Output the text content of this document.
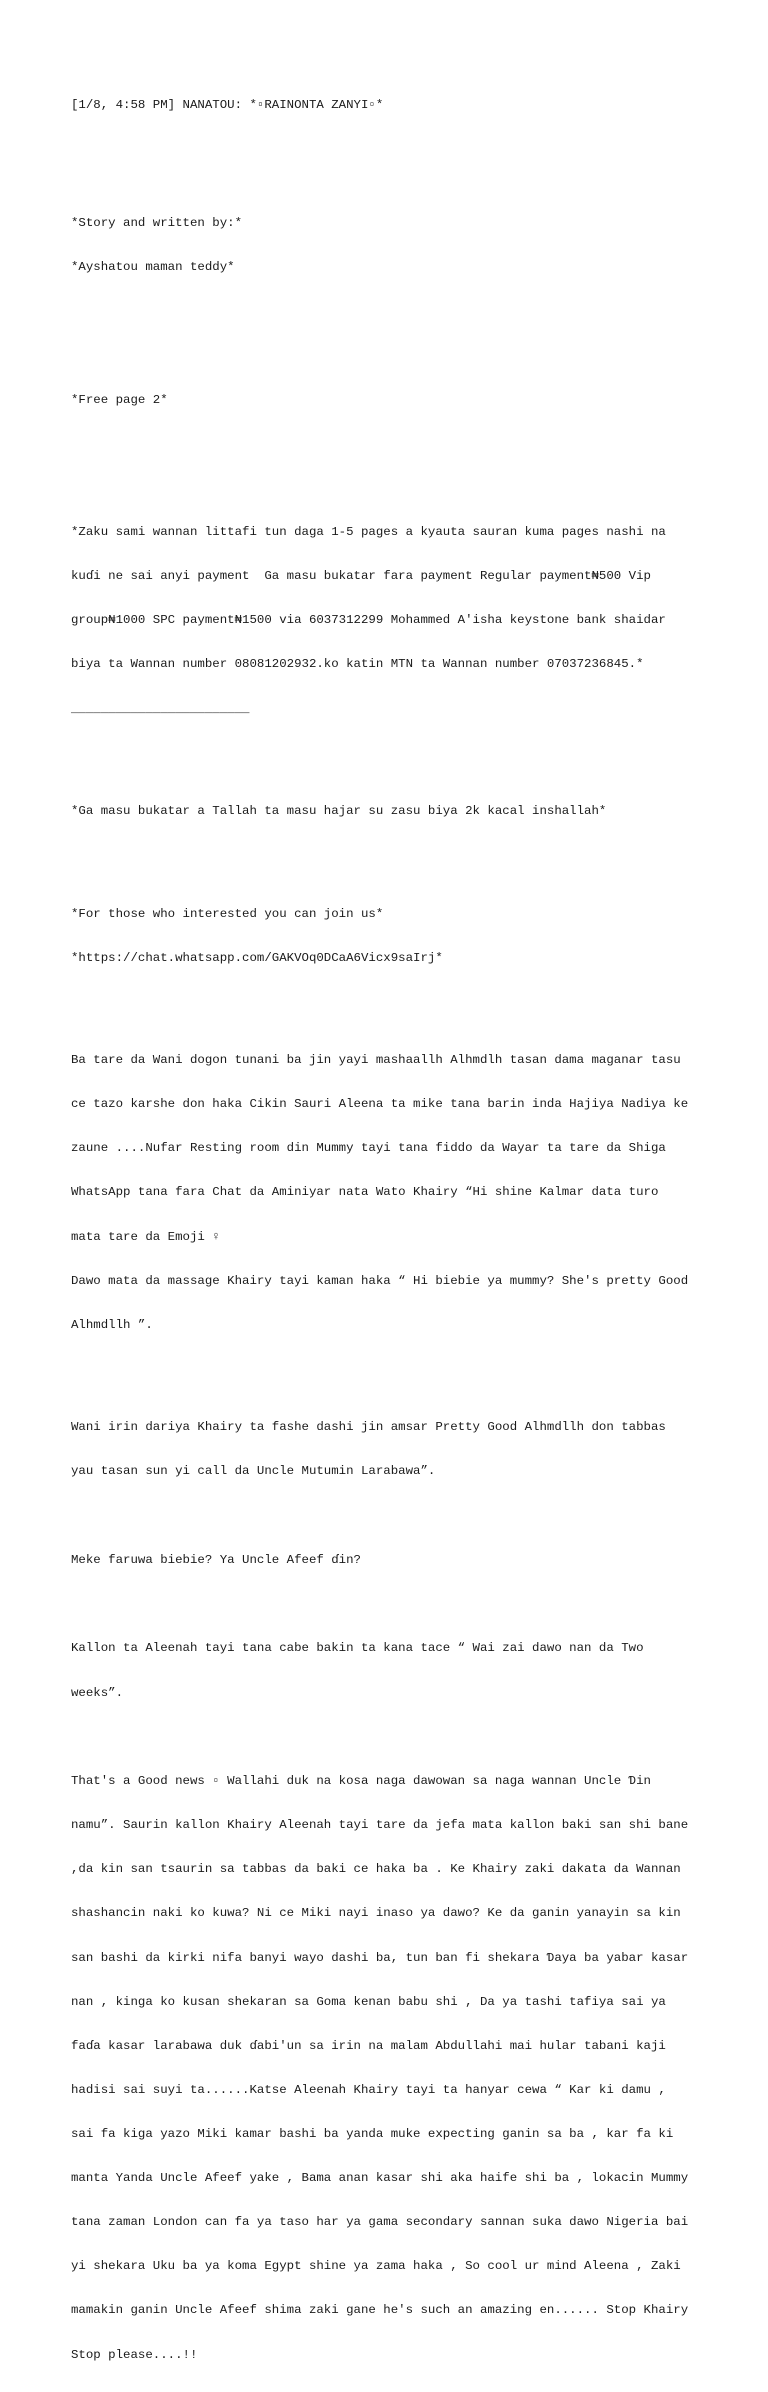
[1/8, 4:58 PM] NANATOU: *▫RAINONTA ZANYI▫*

*Story and written by:*

*Ayshatou maman teddy*

*Free page 2*

*Zaku sami wannan littafi tun daga 1-5 pages a kyauta sauran kuma pages nashi na

kuɗi ne sai anyi payment  Ga masu bukatar fara payment Regular payment₦500 Vip

group₦1000 SPC payment₦1500 via 6037312299 Mohammed A'isha keystone bank shaidar

biya ta Wannan number 08081202932.ko katin MTN ta Wannan number 07037236845.*

________________________

*Ga masu bukatar a Tallah ta masu hajar su zasu biya 2k kacal inshallah*

*For those who interested you can join us*

*https://chat.whatsapp.com/GAKVOq0DCaA6Vicx9saIrj*

Ba tare da Wani dogon tunani ba jin yayi mashaallh Alhmdlh tasan dama maganar tasu

ce tazo karshe don haka Cikin Sauri Aleena ta mike tana barin inda Hajiya Nadiya ke

zaune ....Nufar Resting room din Mummy tayi tana fiddo da Wayar ta tare da Shiga

WhatsApp tana fara Chat da Aminiyar nata Wato Khairy “Hi shine Kalmar data turo

mata tare da Emoji ♀

Dawo mata da massage Khairy tayi kaman haka “ Hi biebie ya mummy? She's pretty Good

Alhmdllh ”.

Wani irin dariya Khairy ta fashe dashi jin amsar Pretty Good Alhmdllh don tabbas

yau tasan sun yi call da Uncle Mutumin Larabawa”.

Meke faruwa biebie? Ya Uncle Afeef ɗin?

Kallon ta Aleenah tayi tana cabe bakin ta kana tace “ Wai zai dawo nan da Two

weeks”.

That's a Good news ▫ Wallahi duk na kosa naga dawowan sa naga wannan Uncle Ɗin

namu”. Saurin kallon Khairy Aleenah tayi tare da jefa mata kallon baki san shi bane

,da kin san tsaurin sa tabbas da baki ce haka ba . Ke Khairy zaki dakata da Wannan

shashancin naki ko kuwa? Ni ce Miki nayi inaso ya dawo? Ke da ganin yanayin sa kin

san bashi da kirki nifa banyi wayo dashi ba, tun ban fi shekara Ɗaya ba yabar kasar

nan , kinga ko kusan shekaran sa Goma kenan babu shi , Da ya tashi tafiya sai ya

faɗa kasar larabawa duk ɗabi'un sa irin na malam Abdullahi mai hular tabani kaji

hadisi sai suyi ta......Katse Aleenah Khairy tayi ta hanyar cewa “ Kar ki damu ,

sai fa kiga yazo Miki kamar bashi ba yanda muke expecting ganin sa ba , kar fa ki

manta Yanda Uncle Afeef yake , Bama anan kasar shi aka haife shi ba , lokacin Mummy

tana zaman London can fa ya taso har ya gama secondary sannan suka dawo Nigeria bai

yi shekara Uku ba ya koma Egypt shine ya zama haka , So cool ur mind Aleena , Zaki

mamakin ganin Uncle Afeef shima zaki gane he's such an amazing en...... Stop Khairy

Stop please....!!
